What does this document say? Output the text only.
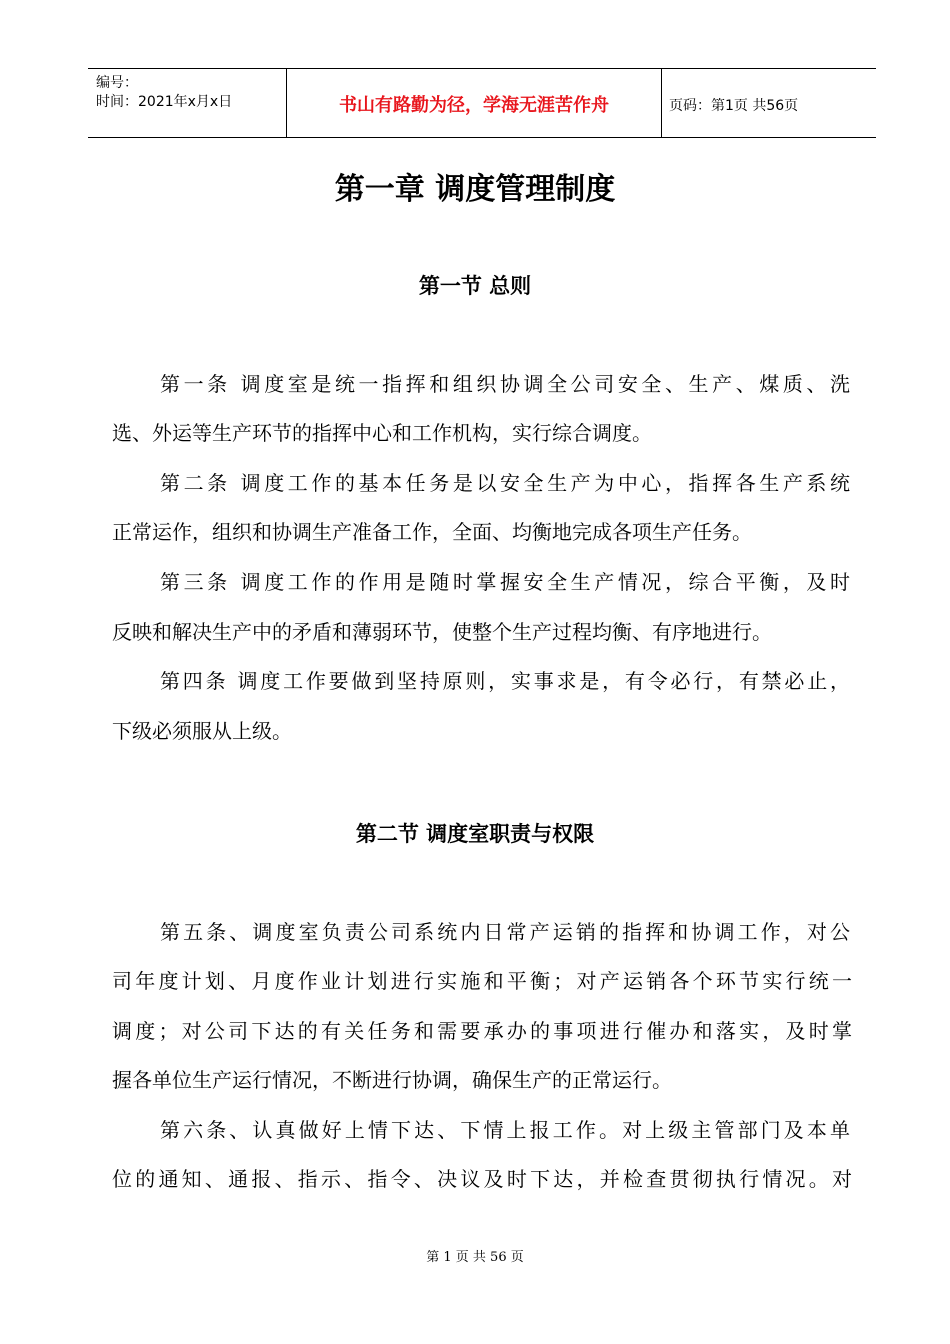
编号：
时间：2021年x月x日	书山有路勤为径，学海无涯苦作舟	页码：第1页 共56页
第一章 调度管理制度
第一节 总则
第一条 调度室是统一指挥和组织协调全公司安全、生产、煤质、洗
选、外运等生产环节的指挥中心和工作机构，实行综合调度。
第二条 调度工作的基本任务是以安全生产为中心，指挥各生产系统
正常运作，组织和协调生产准备工作，全面、均衡地完成各项生产任务。
第三条 调度工作的作用是随时掌握安全生产情况，综合平衡，及时
反映和解决生产中的矛盾和薄弱环节，使整个生产过程均衡、有序地进行。
第四条 调度工作要做到坚持原则，实事求是，有令必行，有禁必止，
下级必须服从上级。
第二节 调度室职责与权限
第五条、调度室负责公司系统内日常产运销的指挥和协调工作，对公
司年度计划、月度作业计划进行实施和平衡；对产运销各个环节实行统一
调度；对公司下达的有关任务和需要承办的事项进行催办和落实，及时掌
握各单位生产运行情况，不断进行协调，确保生产的正常运行。
第六条、认真做好上情下达、下情上报工作。对上级主管部门及本单
位的通知、通报、指示、指令、决议及时下达，并检查贯彻执行情况。对
第 1 页 共 56 页
